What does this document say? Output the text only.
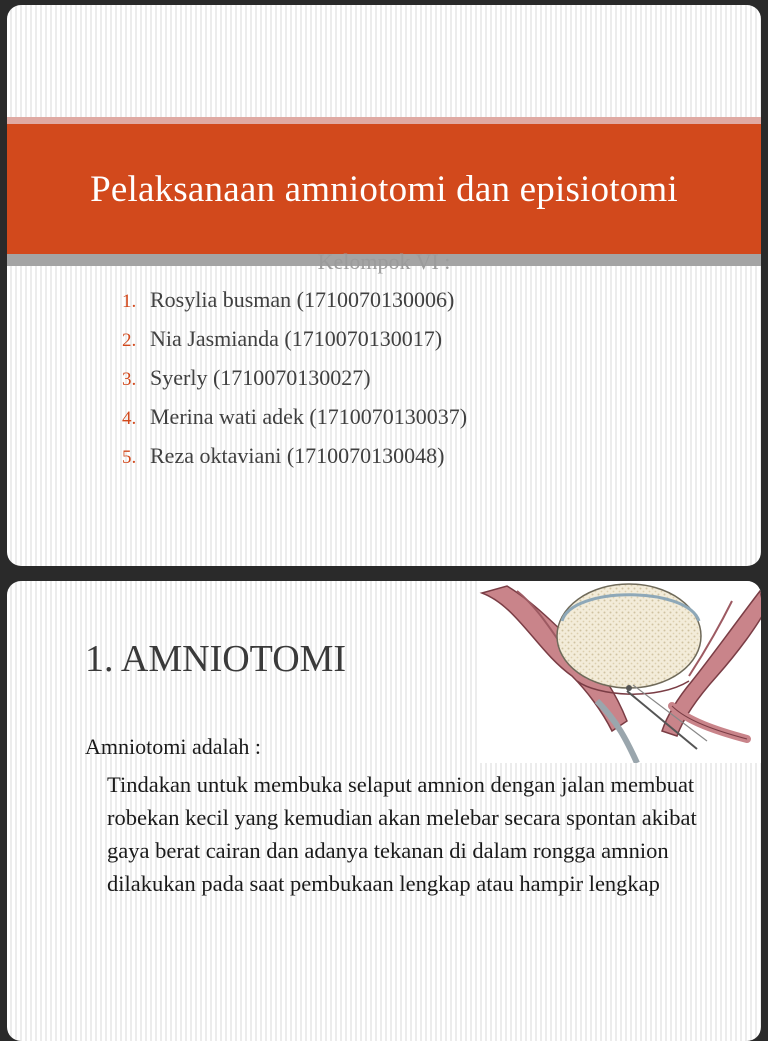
Pelaksanaan amniotomi dan episiotomi
Kelompok VI :
1. Rosylia busman (1710070130006)
2. Nia Jasmianda (1710070130017)
3. Syerly (1710070130027)
4. Merina wati adek (1710070130037)
5. Reza oktaviani (1710070130048)
1. AMNIOTOMI
Amniotomi adalah :

Tindakan untuk membuka selaput amnion dengan jalan membuat robekan kecil yang kemudian akan melebar secara spontan akibat gaya berat cairan dan adanya tekanan di dalam rongga amnion dilakukan pada saat pembukaan lengkap atau hampir lengkap
